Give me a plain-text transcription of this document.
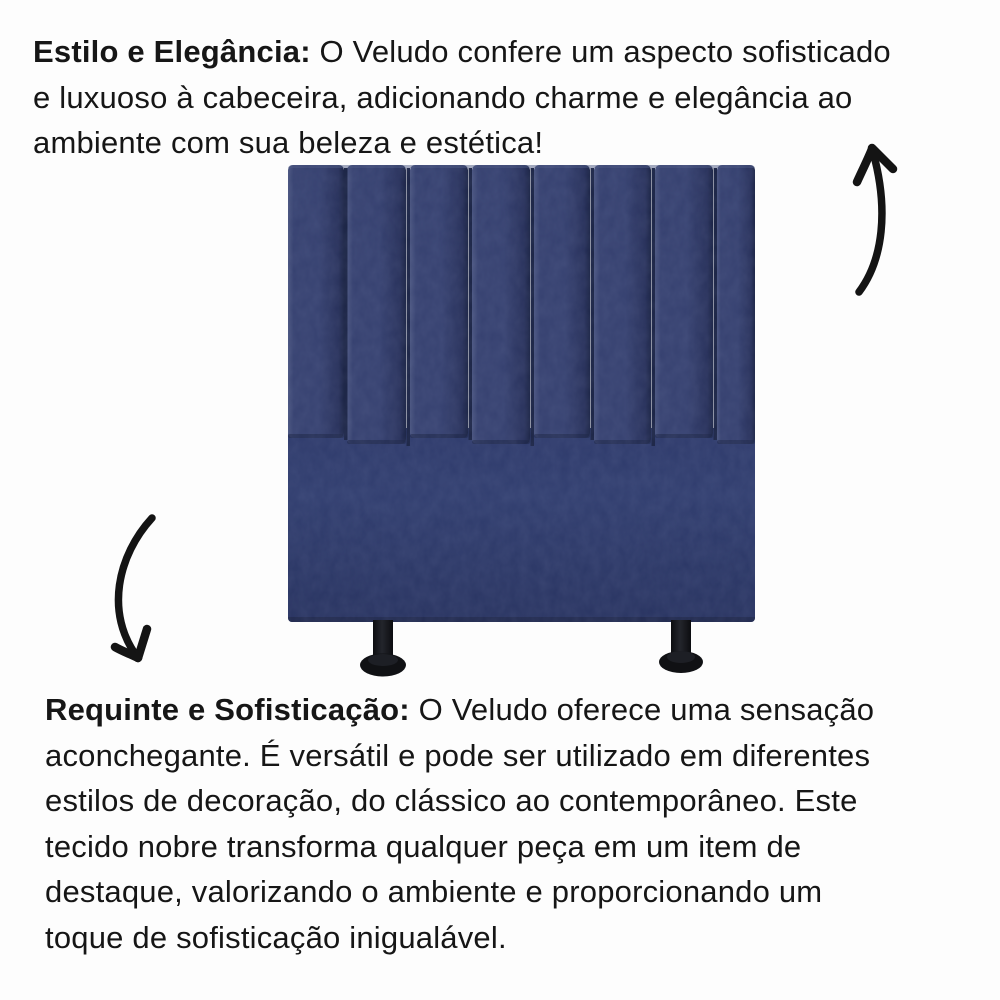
Estilo e Elegância: O Veludo confere um aspecto sofisticado
e luxuoso à cabeceira, adicionando charme e elegância ao
ambiente com sua beleza e estética!
Requinte e Sofisticação: O Veludo oferece uma sensação
aconchegante. É versátil e pode ser utilizado em diferentes
estilos de decoração, do clássico ao contemporâneo. Este
tecido nobre transforma qualquer peça em um item de
destaque, valorizando o ambiente e proporcionando um
toque de sofisticação inigualável.
